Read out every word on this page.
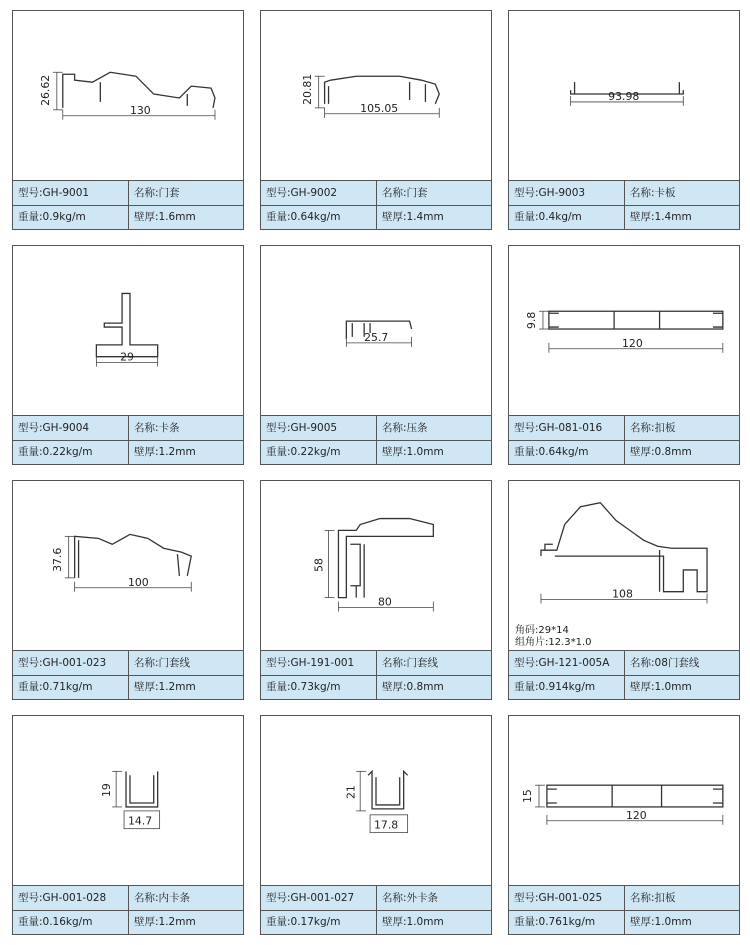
26.62
130
型号:GH-9001	名称:门套
重量:0.9kg/m	壁厚:1.6mm
20.81
105.05
型号:GH-9002	名称:门套
重量:0.64kg/m	壁厚:1.4mm
93.98
型号:GH-9003	名称:卡板
重量:0.4kg/m	壁厚:1.4mm
29
型号:GH-9004	名称:卡条
重量:0.22kg/m	壁厚:1.2mm
25.7
型号:GH-9005	名称:压条
重量:0.22kg/m	壁厚:1.0mm
9.8
120
型号:GH-081-016	名称:扣板
重量:0.64kg/m	壁厚:0.8mm
37.6
100
型号:GH-001-023	名称:门套线
重量:0.71kg/m	壁厚:1.2mm
58
80
型号:GH-191-001	名称:门套线
重量:0.73kg/m	壁厚:0.8mm
108
角码:29*14
组角片:12.3*1.0
型号:GH-121-005A	名称:08门套线
重量:0.914kg/m	壁厚:1.0mm
19
14.7
型号:GH-001-028	名称:内卡条
重量:0.16kg/m	壁厚:1.2mm
21
17.8
型号:GH-001-027	名称:外卡条
重量:0.17kg/m	壁厚:1.0mm
15
120
型号:GH-001-025	名称:扣板
重量:0.761kg/m	壁厚:1.0mm
